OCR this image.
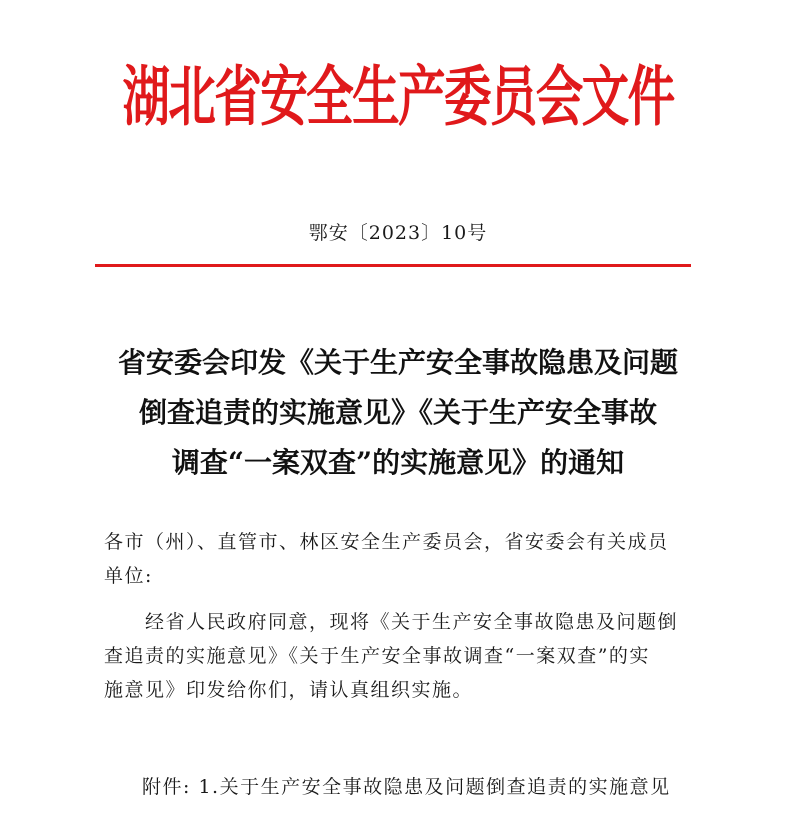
湖北省安全生产委员会文件
鄂安〔2023〕10号
省安委会印发《关于生产安全事故隐患及问题
倒查追责的实施意见》《关于生产安全事故
调查“一案双查”的实施意见》的通知
各市（州）、直管市、林区安全生产委员会，省安委会有关成员
单位:
　　经省人民政府同意，现将《关于生产安全事故隐患及问题倒
查追责的实施意见》《关于生产安全事故调查“一案双查”的实
施意见》印发给你们，请认真组织实施。
附件: 1.关于生产安全事故隐患及问题倒查追责的实施意见
